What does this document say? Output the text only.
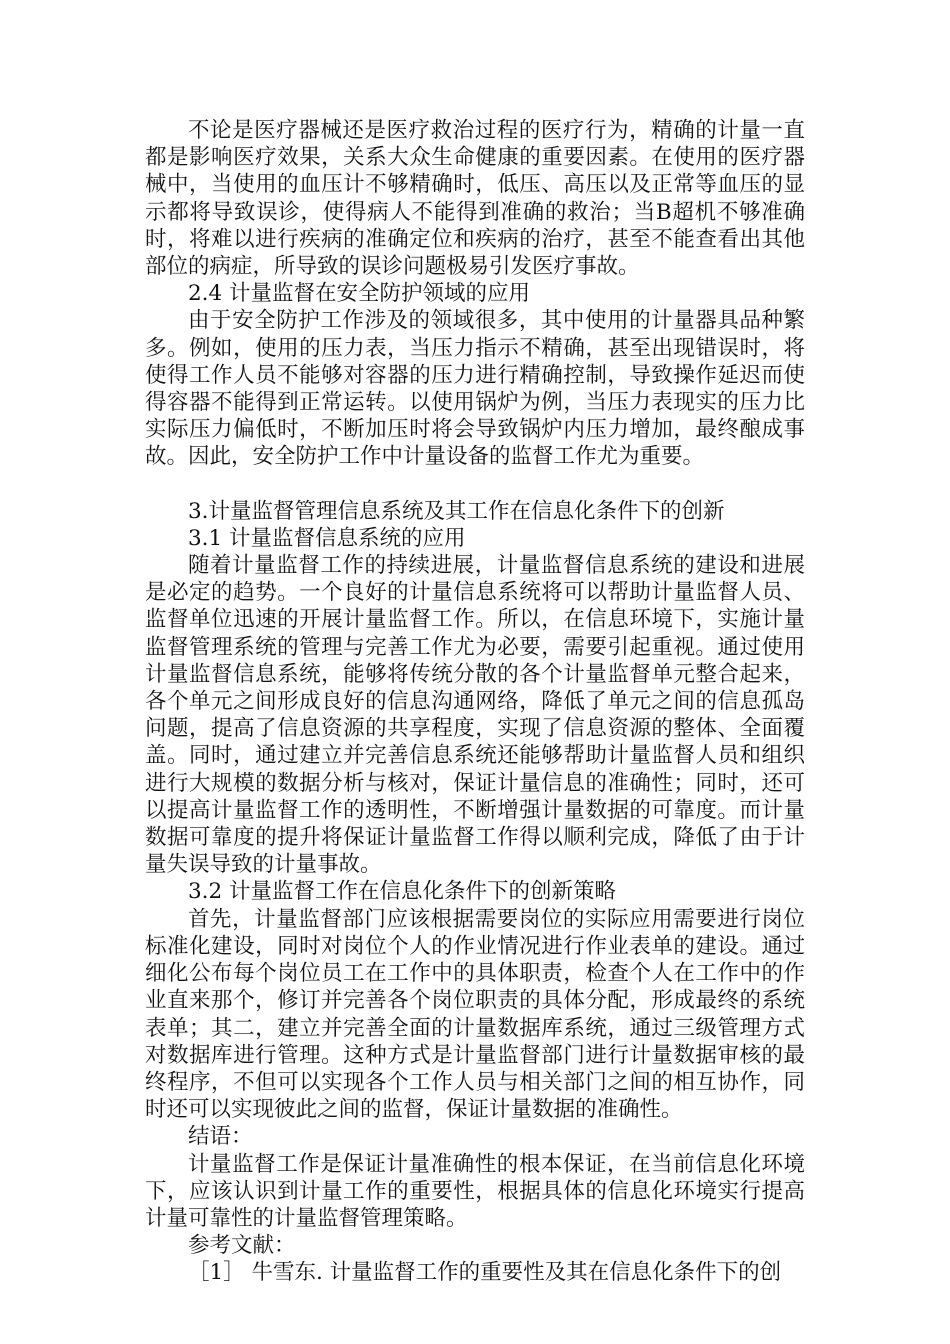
不论是医疗器械还是医疗救治过程的医疗行为，精确的计量一直都是影响医疗效果，关系大众生命健康的重要因素。在使用的医疗器械中，当使用的血压计不够精确时，低压、高压以及正常等血压的显示都将导致误诊，使得病人不能得到准确的救治；当B超机不够准确时，将难以进行疾病的准确定位和疾病的治疗，甚至不能查看出其他部位的病症，所导致的误诊问题极易引发医疗事故。

2.4 计量监督在安全防护领域的应用

由于安全防护工作涉及的领域很多，其中使用的计量器具品种繁多。例如，使用的压力表，当压力指示不精确，甚至出现错误时，将使得工作人员不能够对容器的压力进行精确控制，导致操作延迟而使得容器不能得到正常运转。以使用锅炉为例，当压力表现实的压力比实际压力偏低时，不断加压时将会导致锅炉内压力增加，最终酿成事故。因此，安全防护工作中计量设备的监督工作尤为重要。

3.计量监督管理信息系统及其工作在信息化条件下的创新

3.1 计量监督信息系统的应用

随着计量监督工作的持续进展，计量监督信息系统的建设和进展是必定的趋势。一个良好的计量信息系统将可以帮助计量监督人员、监督单位迅速的开展计量监督工作。所以，在信息环境下，实施计量监督管理系统的管理与完善工作尤为必要，需要引起重视。通过使用计量监督信息系统，能够将传统分散的各个计量监督单元整合起来，各个单元之间形成良好的信息沟通网络，降低了单元之间的信息孤岛问题，提高了信息资源的共享程度，实现了信息资源的整体、全面覆盖。同时，通过建立并完善信息系统还能够帮助计量监督人员和组织进行大规模的数据分析与核对，保证计量信息的准确性；同时，还可以提高计量监督工作的透明性，不断增强计量数据的可靠度。而计量数据可靠度的提升将保证计量监督工作得以顺利完成，降低了由于计量失误导致的计量事故。

3.2 计量监督工作在信息化条件下的创新策略

首先，计量监督部门应该根据需要岗位的实际应用需要进行岗位标准化建设，同时对岗位个人的作业情况进行作业表单的建设。通过细化公布每个岗位员工在工作中的具体职责，检查个人在工作中的作业直来那个，修订并完善各个岗位职责的具体分配，形成最终的系统表单；其二，建立并完善全面的计量数据库系统，通过三级管理方式对数据库进行管理。这种方式是计量监督部门进行计量数据审核的最终程序，不但可以实现各个工作人员与相关部门之间的相互协作，同时还可以实现彼此之间的监督，保证计量数据的准确性。

结语：

计量监督工作是保证计量准确性的根本保证，在当前信息化环境下，应该认识到计量工作的重要性，根据具体的信息化环境实行提高计量可靠性的计量监督管理策略。

参考文献：

［1］ 牛雪东. 计量监督工作的重要性及其在信息化条件下的创
